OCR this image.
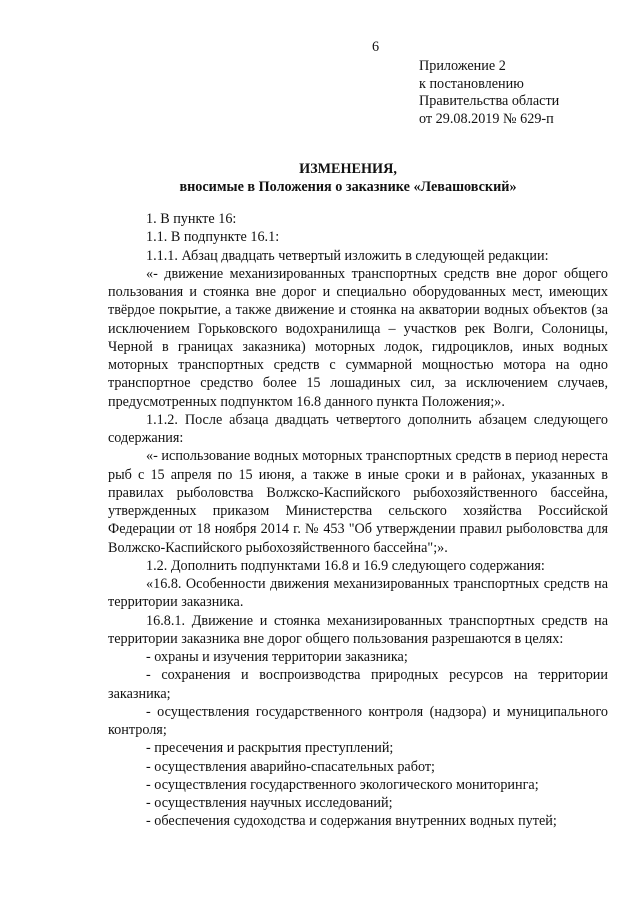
6
Приложение 2
к постановлению
Правительства области
от 29.08.2019 № 629-п
ИЗМЕНЕНИЯ,
вносимые в Положения о заказнике «Левашовский»
1. В пункте 16:
1.1. В подпункте 16.1:
1.1.1. Абзац двадцать четвертый изложить в следующей редакции:
«- движение механизированных транспортных средств вне дорог общего пользования и стоянка вне дорог и специально оборудованных мест, имеющих твёрдое покрытие, а также движение и стоянка на акватории водных объектов (за исключением Горьковского водохранилища – участков рек Волги, Солоницы, Черной в границах заказника) моторных лодок, гидроциклов, иных водных моторных транспортных средств с суммарной мощностью мотора на одно транспортное средство более 15 лошадиных сил, за исключением случаев, предусмотренных подпунктом 16.8 данного пункта Положения;».
1.1.2. После абзаца двадцать четвертого дополнить абзацем следующего содержания:
«- использование водных моторных транспортных средств в период нереста рыб с 15 апреля по 15 июня, а также в иные сроки и в районах, указанных в правилах рыболовства Волжско-Каспийского рыбохозяйственного бассейна, утвержденных приказом Министерства сельского хозяйства Российской Федерации от 18 ноября 2014 г. № 453 "Об утверждении правил рыболовства для Волжско-Каспийского рыбохозяйственного бассейна";».
1.2. Дополнить подпунктами 16.8 и 16.9 следующего содержания:
«16.8. Особенности движения механизированных транспортных средств на территории заказника.
16.8.1. Движение и стоянка механизированных транспортных средств на территории заказника вне дорог общего пользования разрешаются в целях:
- охраны и изучения территории заказника;
- сохранения и воспроизводства природных ресурсов на территории заказника;
- осуществления государственного контроля (надзора) и муниципального контроля;
- пресечения и раскрытия преступлений;
- осуществления аварийно-спасательных работ;
- осуществления государственного экологического мониторинга;
- осуществления научных исследований;
- обеспечения судоходства и содержания внутренних водных путей;
